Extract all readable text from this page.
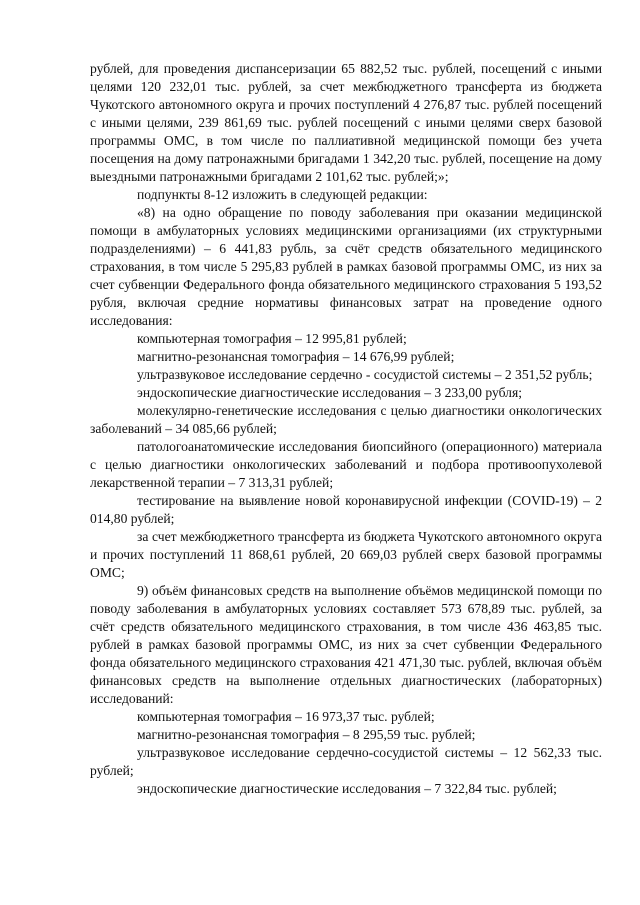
рублей, для проведения диспансеризации 65 882,52 тыс. рублей, посещений с иными целями 120 232,01 тыс. рублей, за счет межбюджетного трансферта из бюджета Чукотского автономного округа и прочих поступлений 4 276,87 тыс. рублей посещений с иными целями, 239 861,69 тыс. рублей посещений с иными целями сверх базовой программы ОМС, в том числе по паллиативной медицинской помощи без учета посещения на дому патронажными бригадами 1 342,20 тыс. рублей, посещение на дому выездными патронажными бригадами 2 101,62 тыс. рублей;»;

подпункты 8-12 изложить в следующей редакции:

«8) на одно обращение по поводу заболевания при оказании медицинской помощи в амбулаторных условиях медицинскими организациями (их структурными подразделениями) – 6 441,83 рубль, за счёт средств обязательного медицинского страхования, в том числе 5 295,83 рублей в рамках базовой программы ОМС, из них за счет субвенции Федерального фонда обязательного медицинского страхования 5 193,52 рубля, включая средние нормативы финансовых затрат на проведение одного исследования:

компьютерная томография – 12 995,81 рублей;

магнитно-резонансная томография – 14 676,99 рублей;

ультразвуковое исследование сердечно - сосудистой системы – 2 351,52 рубль;

эндоскопические диагностические исследования – 3 233,00 рубля;

молекулярно-генетические исследования с целью диагностики онкологических заболеваний – 34 085,66 рублей;

патологоанатомические исследования биопсийного (операционного) материала с целью диагностики онкологических заболеваний и подбора противоопухолевой лекарственной терапии – 7 313,31 рублей;

тестирование на выявление новой коронавирусной инфекции (COVID-19) – 2 014,80 рублей;

за счет межбюджетного трансферта из бюджета Чукотского автономного округа и прочих поступлений 11 868,61 рублей, 20 669,03 рублей сверх базовой программы ОМС;

9) объём финансовых средств на выполнение объёмов медицинской помощи по поводу заболевания в амбулаторных условиях составляет 573 678,89 тыс. рублей, за счёт средств обязательного медицинского страхования, в том числе 436 463,85 тыс. рублей в рамках базовой программы ОМС, из них за счет субвенции Федерального фонда обязательного медицинского страхования 421 471,30 тыс. рублей, включая объём финансовых средств на выполнение отдельных диагностических (лабораторных) исследований:

компьютерная томография – 16 973,37 тыс. рублей;

магнитно-резонансная томография – 8 295,59 тыс. рублей;

ультразвуковое исследование сердечно-сосудистой системы – 12 562,33 тыс. рублей;

эндоскопические диагностические исследования – 7 322,84 тыс. рублей;
